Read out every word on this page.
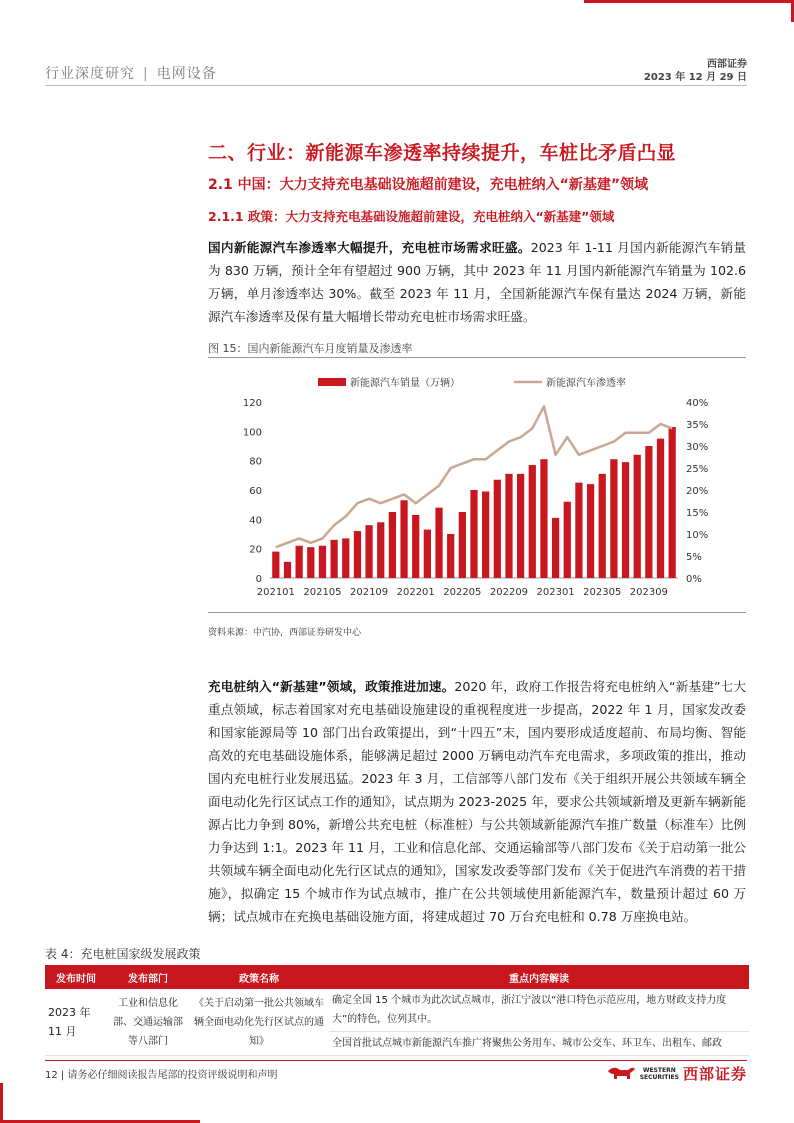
行业深度研究 | 电网设备
西部证券
2023 年 12 月 29 日
二、行业：新能源车渗透率持续提升，车桩比矛盾凸显
2.1 中国：大力支持充电基础设施超前建设，充电桩纳入“新基建”领域
2.1.1 政策：大力支持充电基础设施超前建设，充电桩纳入“新基建”领域
国内新能源汽车渗透率大幅提升，充电桩市场需求旺盛。2023 年 1-11 月国内新能源汽车销量为 830 万辆，预计全年有望超过 900 万辆，其中 2023 年 11 月国内新能源汽车销量为 102.6 万辆，单月渗透率达 30%。截至 2023 年 11 月，全国新能源汽车保有量达 2024 万辆，新能源汽车渗透率及保有量大幅增长带动充电桩市场需求旺盛。
图 15：国内新能源汽车月度销量及渗透率
新能源汽车销量（万辆）	新能源汽车渗透率
0
20
40
60
80
100
120
0%
5%
10%
15%
20%
25%
30%
35%
40%
202101 202105 202109 202201 202205 202209 202301 202305 202309
资料来源：中汽协，西部证券研发中心
充电桩纳入“新基建”领域，政策推进加速。2020 年，政府工作报告将充电桩纳入“新基建”七大重点领域，标志着国家对充电基础设施建设的重视程度进一步提高，2022 年 1 月，国家发改委和国家能源局等 10 部门出台政策提出，到“十四五”末，国内要形成适度超前、布局均衡、智能高效的充电基础设施体系，能够满足超过 2000 万辆电动汽车充电需求，多项政策的推出，推动国内充电桩行业发展迅猛。2023 年 3 月，工信部等八部门发布《关于组织开展公共领域车辆全面电动化先行区试点工作的通知》，试点期为 2023-2025 年，要求公共领域新增及更新车辆新能源占比力争到 80%，新增公共充电桩（标准桩）与公共领域新能源汽车推广数量（标准车）比例力争达到 1:1。2023 年 11 月，工业和信息化部、交通运输部等八部门发布《关于启动第一批公共领域车辆全面电动化先行区试点的通知》，国家发改委等部门发布《关于促进汽车消费的若干措施》，拟确定 15 个城市作为试点城市，推广在公共领域使用新能源汽车，数量预计超过 60 万辆；试点城市在充换电基础设施方面，将建成超过 70 万台充电桩和 0.78 万座换电站。
表 4：充电桩国家级发展政策
发布时间	发布部门	政策名称	重点内容解读
2023 年 11 月	工业和信息化部、交通运输部等八部门	《关于启动第一批公共领域车辆全面电动化先行区试点的通知》	确定全国 15 个城市为此次试点城市，浙江宁波以“港口特色示范应用，地方财政支持力度大”的特色，位列其中。
			全国首批试点城市新能源汽车推广将聚焦公务用车、城市公交车、环卫车、出租车、邮政
12 | 请务必仔细阅读报告尾部的投资评级说明和声明	WESTERN
SECURITIES 西部证券
